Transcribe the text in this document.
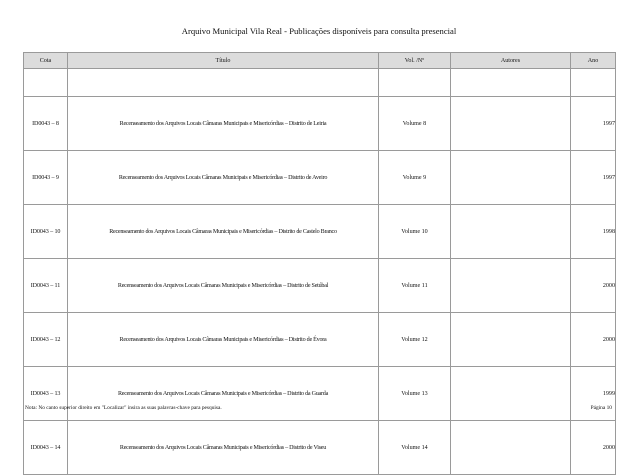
Arquivo Municipal Vila Real - Publicações disponíveis para consulta presencial
Cota	Título	Vol. /Nº	Autores	Ano

ID0043 – 8	Recenseamento dos Arquivos Locais Câmaras Municipais e Misericórdias – Distrito de Leiria	Volume 8		1997
ID0043 – 9	Recenseamento dos Arquivos Locais Câmaras Municipais e Misericórdias – Distrito de Aveiro	Volume 9		1997
ID0043 – 10	Recenseamento dos Arquivos Locais Câmaras Municipais e Misericórdias – Distrito de Castelo Branco	Volume 10		1998
ID0043 – 11	Recenseamento dos Arquivos Locais Câmaras Municipais e Misericórdias – Distrito de Setúbal	Volume 11		2000
ID0043 – 12	Recenseamento dos Arquivos Locais Câmaras Municipais e Misericórdias – Distrito de Évora	Volume 12		2000
ID0043 – 13	Recenseamento dos Arquivos Locais Câmaras Municipais e Misericórdias – Distrito da Guarda	Volume 13		1999
ID0043 – 14	Recenseamento dos Arquivos Locais Câmaras Municipais e Misericórdias – Distrito de Viseu	Volume 14		2000
Nota: No canto superior direito em "Localizar" insira as suas palavras-chave para pesquisa.	Página 10
